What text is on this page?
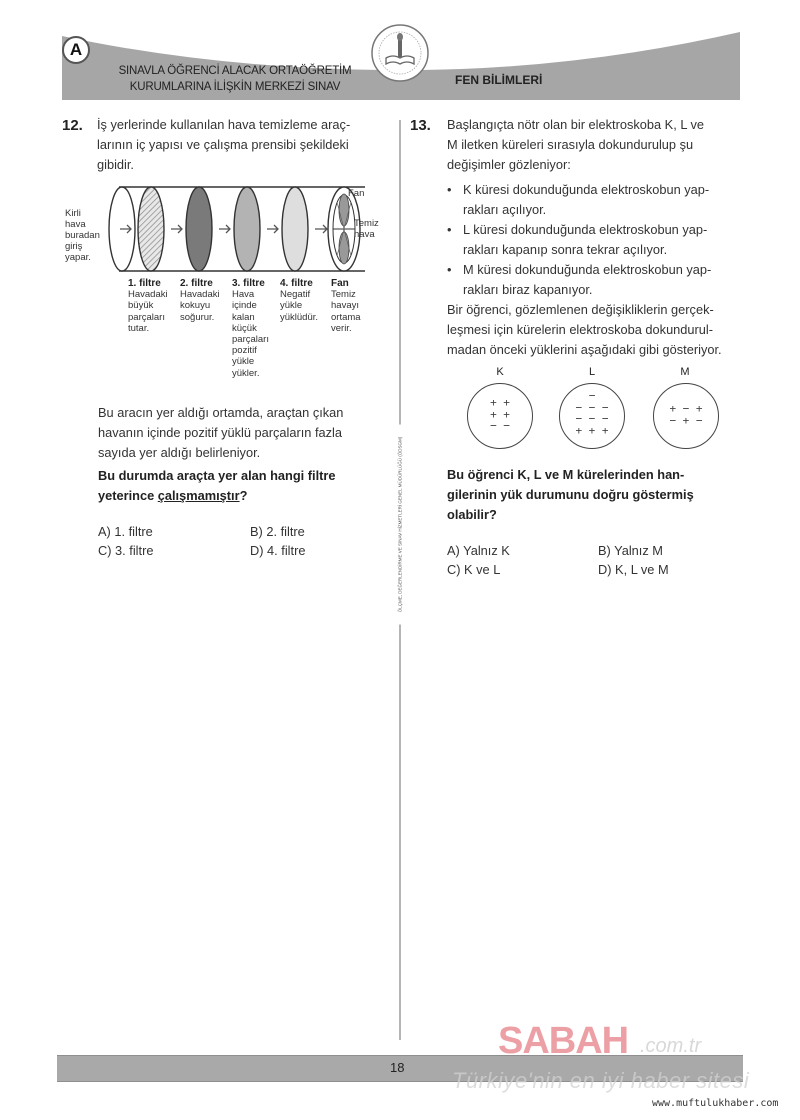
A
SINAVLA ÖĞRENCİ ALACAK ORTAÖĞRETİM
KURUMLARINA İLİŞKİN MERKEZİ SINAV	FEN BİLİMLERİ
ÖLÇME, DEĞERLENDİRME VE SINAV HİZMETLERİ GENEL MÜDÜRLÜĞÜ (ÖDSGM)
12. İş yerlerinde kullanılan hava temizleme araç-
larının iç yapısı ve çalışma prensibi şekildeki
gibidir.
Kirli
hava
buradan
giriş
yapar.
Fan
Temiz
hava
1. filtre
Havadaki
büyük
parçaları
tutar.
2. filtre
Havadaki
kokuyu
soğurur.
3. filtre
Hava
içinde
kalan
küçük
parçaları
pozitif
yükle
yükler.
4. filtre
Negatif
yükle
yüklüdür.
Fan
Temiz
havayı
ortama
verir.
Bu aracın yer aldığı ortamda, araçtan çıkan
havanın içinde pozitif yüklü parçaların fazla
sayıda yer aldığı belirleniyor.
Bu durumda araçta yer alan hangi filtre
yeterince çalışmamıştır?
A) 1. filtre	B) 2. filtre
C) 3. filtre	D) 4. filtre
13. Başlangıçta nötr olan bir elektroskoba K, L ve
M iletken küreleri sırasıyla dokundurulup şu
değişimler gözleniyor:
• K küresi dokunduğunda elektroskobun yap-
rakları açılıyor.
• L küresi dokunduğunda elektroskobun yap-
rakları kapanıp sonra tekrar açılıyor.
• M küresi dokunduğunda elektroskobun yap-
rakları biraz kapanıyor.
Bir öğrenci, gözlemlenen değişikliklerin gerçek-
leşmesi için kürelerin elektroskoba dokundurul-
madan önceki yüklerini aşağıdaki gibi gösteriyor.
K
+ +
+ +
− −
L
−
− − −
− − −
+ + +
M
+ − +
− + −
Bu öğrenci K, L ve M kürelerinden han-
gilerinin yük durumunu doğru göstermiş
olabilir?
A) Yalnız K	B) Yalnız M
C) K ve L	D) K, L ve M
18
SABAH .com.tr
Türkiye'nin en iyi haber sitesi
www.muftulukhaber.com
